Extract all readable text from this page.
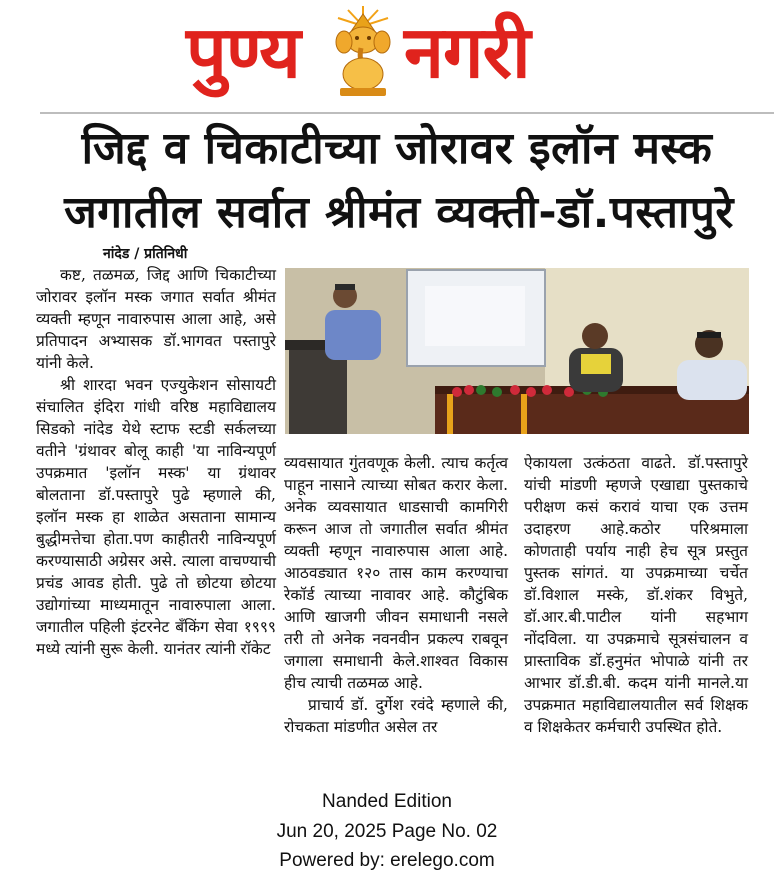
पुण्य नगरी
जिद्द व चिकाटीच्या जोरावर इलॉन मस्क
जगातील सर्वात श्रीमंत व्यक्ती-डॉ.पस्तापुरे
नांदेड / प्रतिनिधी

कष्ट, तळमळ, जिद्द आणि चिकाटीच्या जोरावर इलॉन मस्क जगात सर्वात श्रीमंत व्यक्ती म्हणून नावारुपास आला आहे, असे प्रतिपादन अभ्यासक डॉ.भागवत पस्तापुरे यांनी केले.

श्री शारदा भवन एज्युकेशन सोसायटी संचालित इंदिरा गांधी वरिष्ठ महाविद्यालय सिडको नांदेड येथे स्टाफ स्टडी सर्कलच्या वतीने 'ग्रंथावर बोलू काही 'या नाविन्यपूर्ण उपक्रमात 'इलॉन मस्क' या ग्रंथावर बोलताना डॉ.पस्तापुरे पुढे म्हणाले की, इलॉन मस्क हा शाळेत असताना सामान्य बुद्धीमत्तेचा होता.पण काहीतरी नाविन्यपूर्ण करण्यासाठी अग्रेसर असे. त्याला वाचण्याची प्रचंड आवड होती. पुढे तो छोटया छोटया उद्योगांच्या माध्यमातून नावारुपाला आला. जगातील पहिली इंटरनेट बँकिंग सेवा १९९९ मध्ये त्यांनी सुरू केली. यानंतर त्यांनी रॉकेट

व्यवसायात गुंतवणूक केली. त्याच कर्तृत्व पाहून नासाने त्याच्या सोबत करार केला. अनेक व्यवसायात धाडसाची कामगिरी करून आज तो जगातील सर्वात श्रीमंत व्यक्ती म्हणून नावारुपास आला आहे. आठवड्यात १२० तास काम करण्याचा रेकॉर्ड त्याच्या नावावर आहे. कौटुंबिक आणि खाजगी जीवन समाधानी नसले तरी तो अनेक नवनवीन प्रकल्प राबवून जगाला समाधानी केले.शाश्वत विकास हीच त्याची तळमळ आहे.

प्राचार्य डॉ. दुर्गेश रवंदे म्हणाले की, रोचकता मांडणीत असेल तर

ऐकायला उत्कंठता वाढते. डॉ.पस्तापुरे यांची मांडणी म्हणजे एखाद्या पुस्तकाचे परीक्षण कसं करावं याचा एक उत्तम उदाहरण आहे.कठोर परिश्रमाला कोणताही पर्याय नाही हेच सूत्र प्रस्तुत पुस्तक सांगतं. या उपक्रमाच्या चर्चेत डॉ.विशाल मस्के, डॉ.शंकर विभुते, डॉ.आर.बी.पाटील यांनी सहभाग नोंदविला. या उपक्रमाचे सूत्रसंचालन व प्रास्ताविक डॉ.हनुमंत भोपाळे यांनी तर आभार डॉ.डी.बी. कदम यांनी मानले.या उपक्रमात महाविद्यालयातील सर्व शिक्षक व शिक्षकेतर कर्मचारी उपस्थित होते.

Nanded Edition
Jun 20, 2025 Page No. 02
Powered by: erelego.com
